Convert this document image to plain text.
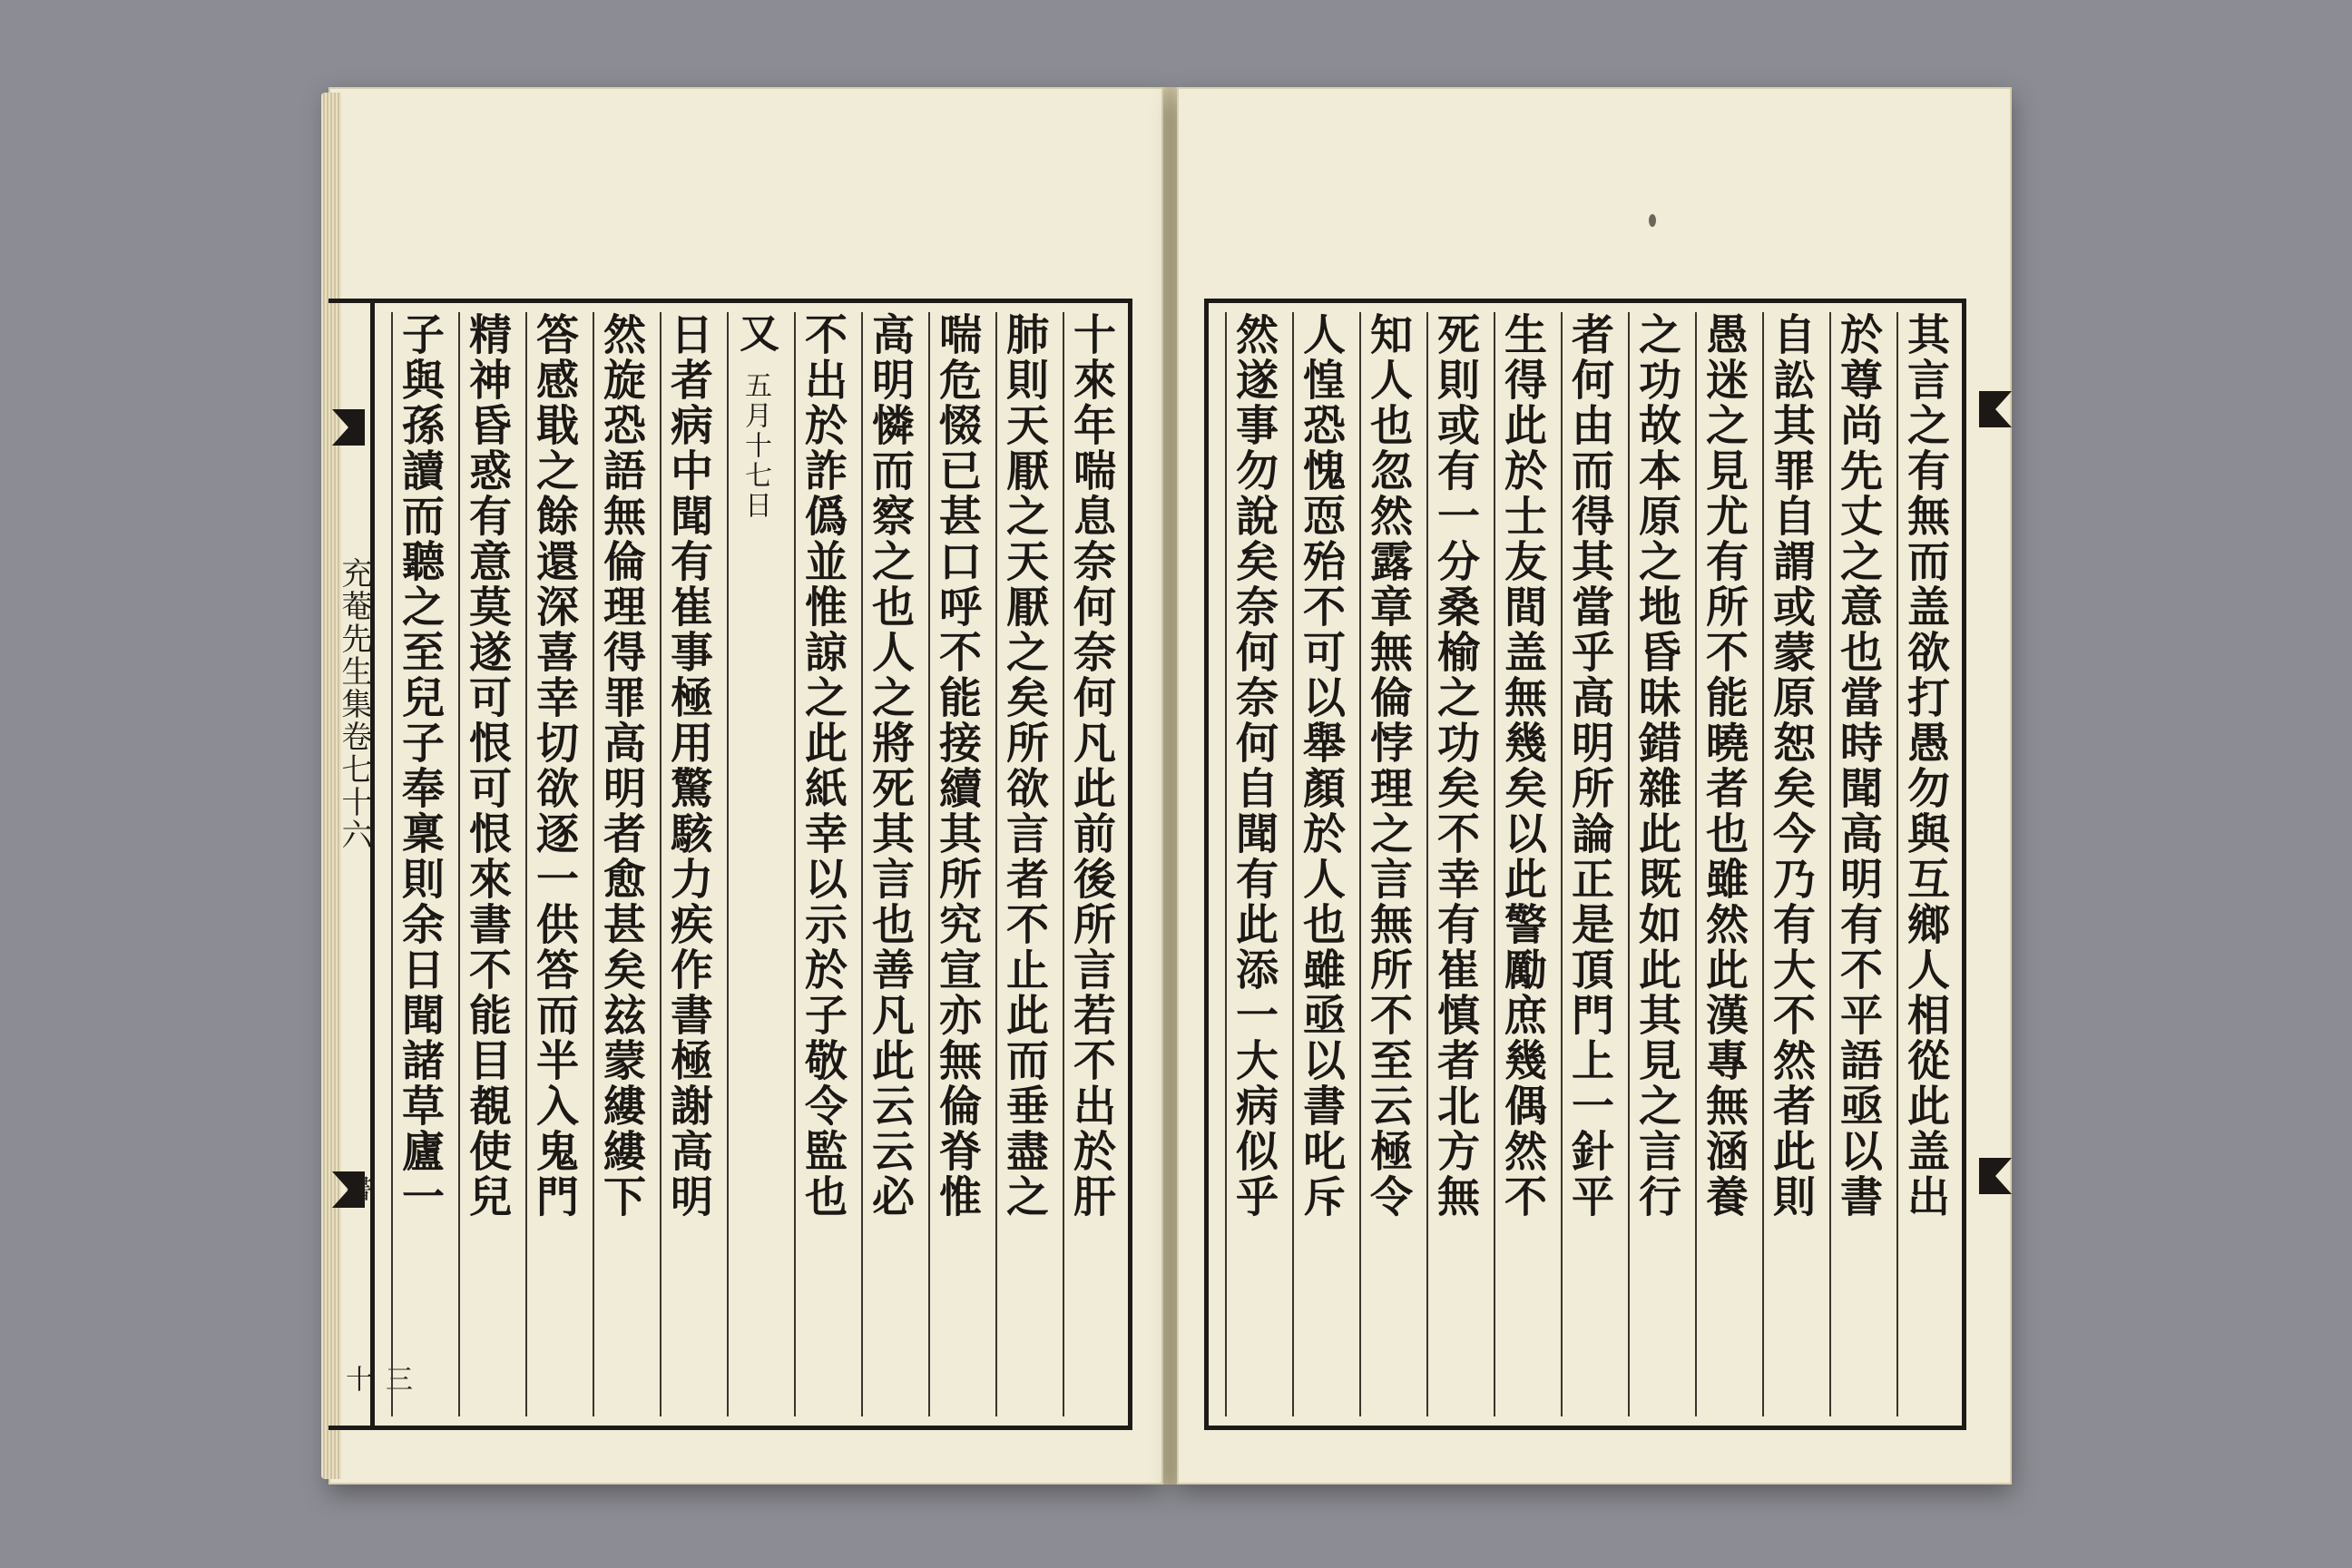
充菴先生集卷七十六
三十
十來年喘息奈何奈何凡此前後所言若不出於肝
肺則天厭之天厭之矣所欲言者不止此而垂盡之
喘危惙已甚口呼不能接續其所究宣亦無倫脊惟
高明憐而察之也人之將死其言也善凡此云云必
不出於詐僞並惟諒之此紙幸以示於子敬令監也
又五月十七日
日者病中聞有崔事極用驚駭力疾作書極謝高明
然旋恐語無倫理得罪高明者愈甚矣玆蒙縷縷下
答感戢之餘還深喜幸切欲逐一供答而半入鬼門
精神昏惑有意莫遂可恨可恨來書不能目覩使兒
子與孫讀而聽之至兒子奉稟則余日聞諸草廬一	其言之有無而盖欲打愚勿與互鄉人相從此盖出
於尊尚先丈之意也當時聞高明有不平語亟以書
自訟其罪自謂或蒙原恕矣今乃有大不然者此則
愚迷之見尤有所不能曉者也雖然此漢專無涵養
之功故本原之地昏昧錯雜此既如此其見之言行
者何由而得其當乎高明所論正是頂門上一針平
生得此於士友間盖無幾矣以此警勵庶幾偶然不
死則或有一分桑榆之功矣不幸有崔慎者北方無
知人也忽然露章無倫悖理之言無所不至云極令
人惶恐愧恧殆不可以舉顏於人也雖亟以書叱斥
然遂事勿說矣奈何奈何自聞有此添一大病似乎
